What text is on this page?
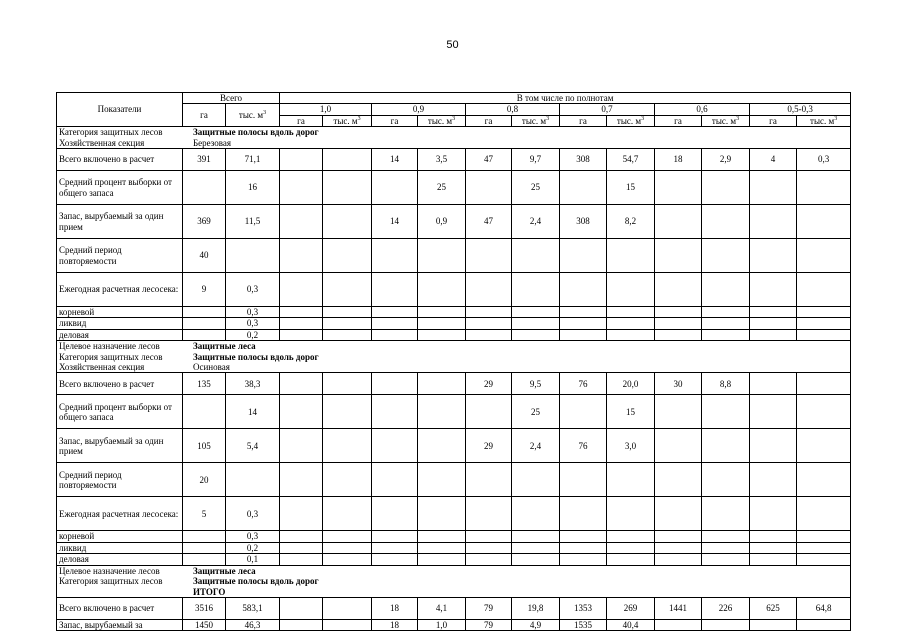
50
Показатели	Всего		В том числе по полнотам											
	га	тыс. $м^3$	1,0		0,9		0,8		0,7		0,6		0,5-0,3	
			га	тыс. $м^3$	га	тыс. $м^3$	га	тыс. $м^3$	га	тыс. $м^3$	га	тыс. $м^3$	га	тыс. $м^3$

Категория защитных лесов Защитные полосы вдоль дорог
Хозяйственная секция Березовая														

Всего включено в расчет	391	71,1			14	3,5	47	9,7	308	54,7	18	2,9	4	0,3
Средний процент выборки от общего запаса		16				25		25		15				
Запас, вырубаемый за один прием	369	11,5			14	0,9	47	2,4	308	8,2				
Средний период повторяемости	40													
Ежегодная расчетная лесосека:	9	0,3												
корневой		0,3												
ликвид		0,3												
деловая		0,2												

Целевое назначение лесов Защитные леса
Категория защитных лесов Защитные полосы вдоль дорог
Хозяйственная секция Осиновая														

Всего включено в расчет	135	38,3					29	9,5	76	20,0	30	8,8		
Средний процент выборки от общего запаса		14						25		15				
Запас, вырубаемый за один прием	105	5,4					29	2,4	76	3,0				
Средний период повторяемости	20													
Ежегодная расчетная лесосека:	5	0,3												
корневой		0,3												
ликвид		0,2												
деловая		0,1												

Целевое назначение лесов Защитные леса
Категория защитных лесов Защитные полосы вдоль дорог
ИТОГО														

Всего включено в расчет	3516	583,1			18	4,1	79	19,8	1353	269	1441	226	625	64,8
Запас, вырубаемый за	1450	46,3			18	1,0	79	4,9	1535	40,4				
